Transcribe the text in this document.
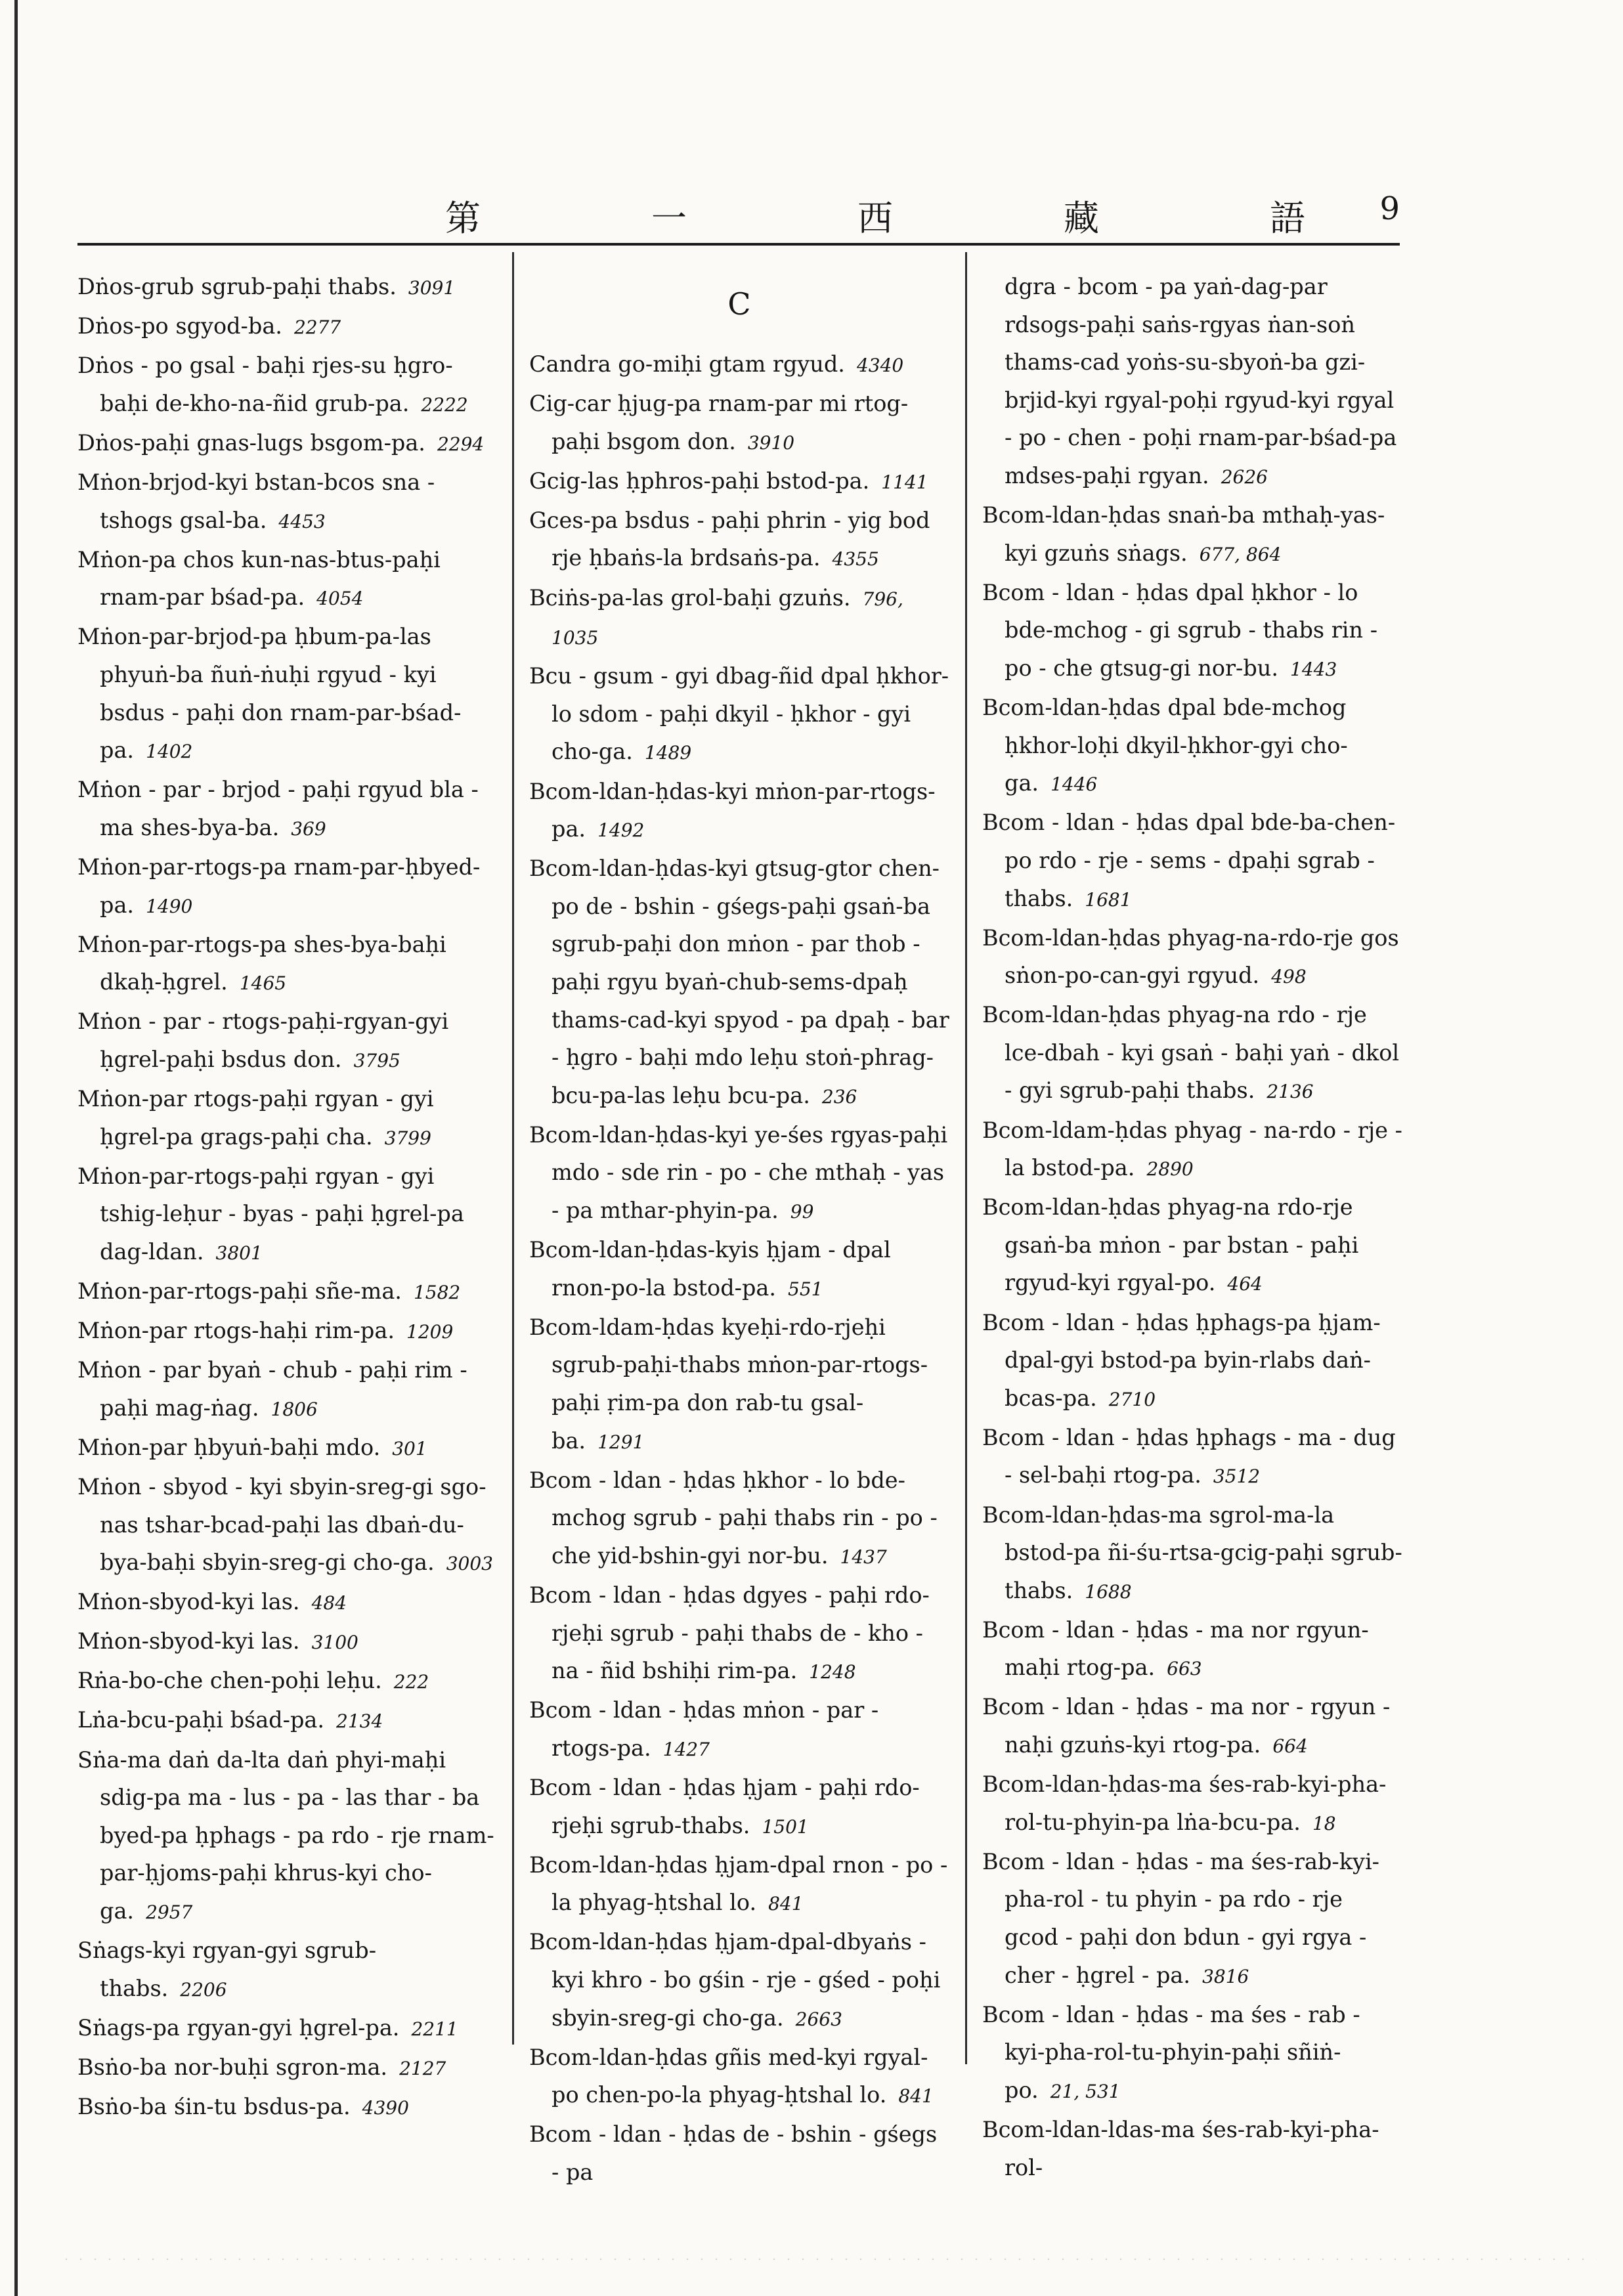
第	一	西	藏	語 9
Dṅos-grub sgrub-paḥi thabs. 3091
Dṅos-po sgyod-ba. 2277
Dṅos - po gsal - baḥi rjes-su ḥgro-baḥi de-kho-na-ñid grub-pa. 2222
Dṅos-paḥi gnas-lugs bsgom-pa. 2294
Mṅon-brjod-kyi bstan-bcos sna - tshogs gsal-ba. 4453
Mṅon-pa chos kun-nas-btus-paḥi rnam-par bśad-pa. 4054
Mṅon-par-brjod-pa ḥbum-pa-las phyuṅ-ba ñuṅ-ṅuḥi rgyud - kyi bsdus - paḥi don rnam-par-bśad-pa. 1402
Mṅon - par - brjod - paḥi rgyud bla - ma shes-bya-ba. 369
Mṅon-par-rtogs-pa rnam-par-ḥbyed-pa. 1490
Mṅon-par-rtogs-pa shes-bya-baḥi dkaḥ-ḥgrel. 1465
Mṅon - par - rtogs-paḥi-rgyan-gyi ḥgrel-paḥi bsdus don. 3795
Mṅon-par rtogs-paḥi rgyan - gyi ḥgrel-pa grags-paḥi cha. 3799
Mṅon-par-rtogs-paḥi rgyan - gyi tshig-leḥur - byas - paḥi ḥgrel-pa dag-ldan. 3801
Mṅon-par-rtogs-paḥi sñe-ma. 1582
Mṅon-par rtogs-haḥi rim-pa. 1209
Mṅon - par byaṅ - chub - paḥi rim - paḥi mag-ṅag. 1806
Mṅon-par ḥbyuṅ-baḥi mdo. 301
Mṅon - sbyod - kyi sbyin-sreg-gi sgo-nas tshar-bcad-paḥi las dbaṅ-du-bya-baḥi sbyin-sreg-gi cho-ga. 3003
Mṅon-sbyod-kyi las. 484
Mṅon-sbyod-kyi las. 3100
Rṅa-bo-che chen-poḥi leḥu. 222
Lṅa-bcu-paḥi bśad-pa. 2134
Sṅa-ma daṅ da-lta daṅ phyi-maḥi sdig-pa ma - lus - pa - las thar - ba byed-pa ḥphags - pa rdo - rje rnam-par-ḥjoms-paḥi khrus-kyi cho-ga. 2957
Sṅags-kyi rgyan-gyi sgrub-thabs. 2206
Sṅags-pa rgyan-gyi ḥgrel-pa. 2211
Bsṅo-ba nor-buḥi sgron-ma. 2127
Bsṅo-ba śin-tu bsdus-pa. 4390
C
Candra go-miḥi gtam rgyud. 4340
Cig-car ḥjug-pa rnam-par mi rtog-paḥi bsgom don. 3910
Gcig-las ḥphros-paḥi bstod-pa. 1141
Gces-pa bsdus - paḥi phrin - yig bod rje ḥbaṅs-la brdsaṅs-pa. 4355
Bciṅs-pa-las grol-baḥi gzuṅs. 796, 1035
Bcu - gsum - gyi dbag-ñid dpal ḥkhor-lo sdom - paḥi dkyil - ḥkhor - gyi cho-ga. 1489
Bcom-ldan-ḥdas-kyi mṅon-par-rtogs-pa. 1492
Bcom-ldan-ḥdas-kyi gtsug-gtor chen-po de - bshin - gśegs-paḥi gsaṅ-ba sgrub-paḥi don mṅon - par thob - paḥi rgyu byaṅ-chub-sems-dpaḥ thams-cad-kyi spyod - pa dpaḥ - bar - ḥgro - baḥi mdo leḥu stoṅ-phrag-bcu-pa-las leḥu bcu-pa. 236
Bcom-ldan-ḥdas-kyi ye-śes rgyas-paḥi mdo - sde rin - po - che mthaḥ - yas - pa mthar-phyin-pa. 99
Bcom-ldan-ḥdas-kyis ḥjam - dpal rnon-po-la bstod-pa. 551
Bcom-ldam-ḥdas kyeḥi-rdo-rjeḥi sgrub-paḥi-thabs mṅon-par-rtogs-paḥi ṛim-pa don rab-tu gsal-ba. 1291
Bcom - ldan - ḥdas ḥkhor - lo bde-mchog sgrub - paḥi thabs rin - po - che yid-bshin-gyi nor-bu. 1437
Bcom - ldan - ḥdas dgyes - paḥi rdo-rjeḥi sgrub - paḥi thabs de - kho - na - ñid bshiḥi rim-pa. 1248
Bcom - ldan - ḥdas mṅon - par - rtogs-pa. 1427
Bcom - ldan - ḥdas ḥjam - paḥi rdo-rjeḥi sgrub-thabs. 1501
Bcom-ldan-ḥdas ḥjam-dpal rnon - po - la phyag-ḥtshal lo. 841
Bcom-ldan-ḥdas ḥjam-dpal-dbyaṅs - kyi khro - bo gśin - rje - gśed - poḥi sbyin-sreg-gi cho-ga. 2663
Bcom-ldan-ḥdas gñis med-kyi rgyal-po chen-po-la phyag-ḥtshal lo. 841
Bcom - ldan - ḥdas de - bshin - gśegs - pa
dgra - bcom - pa yaṅ-dag-par rdsogs-paḥi saṅs-rgyas ṅan-soṅ thams-cad yoṅs-su-sbyoṅ-ba gzi-brjid-kyi rgyal-poḥi rgyud-kyi rgyal - po - chen - poḥi rnam-par-bśad-pa mdses-paḥi rgyan. 2626
Bcom-ldan-ḥdas snaṅ-ba mthaḥ-yas-kyi gzuṅs sṅags. 677, 864
Bcom - ldan - ḥdas dpal ḥkhor - lo bde-mchog - gi sgrub - thabs rin - po - che gtsug-gi nor-bu. 1443
Bcom-ldan-ḥdas dpal bde-mchog ḥkhor-loḥi dkyil-ḥkhor-gyi cho-ga. 1446
Bcom - ldan - ḥdas dpal bde-ba-chen-po rdo - rje - sems - dpaḥi sgrab - thabs. 1681
Bcom-ldan-ḥdas phyag-na-rdo-rje gos sṅon-po-can-gyi rgyud. 498
Bcom-ldan-ḥdas phyag-na rdo - rje lce-dbah - kyi gsaṅ - baḥi yaṅ - dkol - gyi sgrub-paḥi thabs. 2136
Bcom-ldam-ḥdas phyag - na-rdo - rje - la bstod-pa. 2890
Bcom-ldan-ḥdas phyag-na rdo-rje gsaṅ-ba mṅon - par bstan - paḥi rgyud-kyi rgyal-po. 464
Bcom - ldan - ḥdas ḥphags-pa ḥjam-dpal-gyi bstod-pa byin-rlabs daṅ-bcas-pa. 2710
Bcom - ldan - ḥdas ḥphags - ma - dug - sel-baḥi rtog-pa. 3512
Bcom-ldan-ḥdas-ma sgrol-ma-la bstod-pa ñi-śu-rtsa-gcig-paḥi sgrub-thabs. 1688
Bcom - ldan - ḥdas - ma nor rgyun-maḥi rtog-pa. 663
Bcom - ldan - ḥdas - ma nor - rgyun - naḥi gzuṅs-kyi rtog-pa. 664
Bcom-ldan-ḥdas-ma śes-rab-kyi-pha-rol-tu-phyin-pa lṅa-bcu-pa. 18
Bcom - ldan - ḥdas - ma śes-rab-kyi-pha-rol - tu phyin - pa rdo - rje gcod - paḥi don bdun - gyi rgya - cher - ḥgrel - pa. 3816
Bcom - ldan - ḥdas - ma śes - rab - kyi-pha-rol-tu-phyin-paḥi sñiṅ-po. 21, 531
Bcom-ldan-ldas-ma śes-rab-kyi-pha-rol-
